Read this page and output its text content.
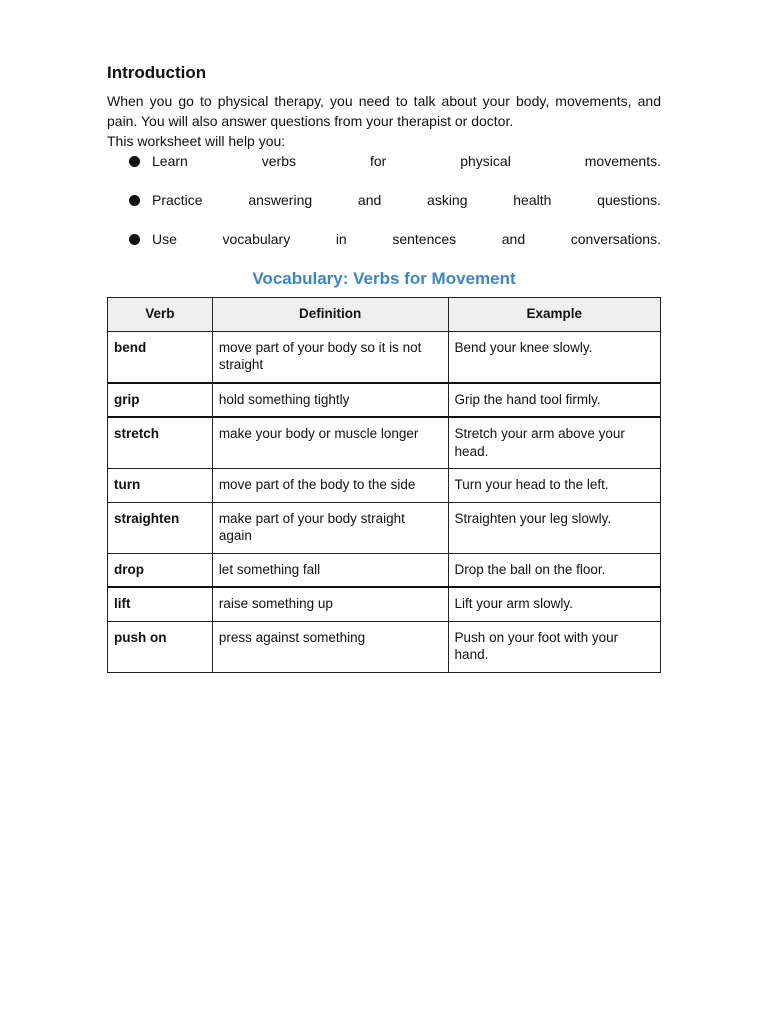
Introduction

When you go to physical therapy, you need to talk about your body, movements, and pain. You will also answer questions from your therapist or doctor.

This worksheet will help you:

Learn verbs for physical movements.
Practice answering and asking health questions.
Use vocabulary in sentences and conversations.
Vocabulary: Verbs for Movement
Verb	Definition	Example
bend	move part of your body so it is not straight	Bend your knee slowly.
grip	hold something tightly	Grip the hand tool firmly.
stretch	make your body or muscle longer	Stretch your arm above your head.
turn	move part of the body to the side	Turn your head to the left.
straighten	make part of your body straight again	Straighten your leg slowly.
drop	let something fall	Drop the ball on the floor.
lift	raise something up	Lift your arm slowly.
push on	press against something	Push on your foot with your hand.
